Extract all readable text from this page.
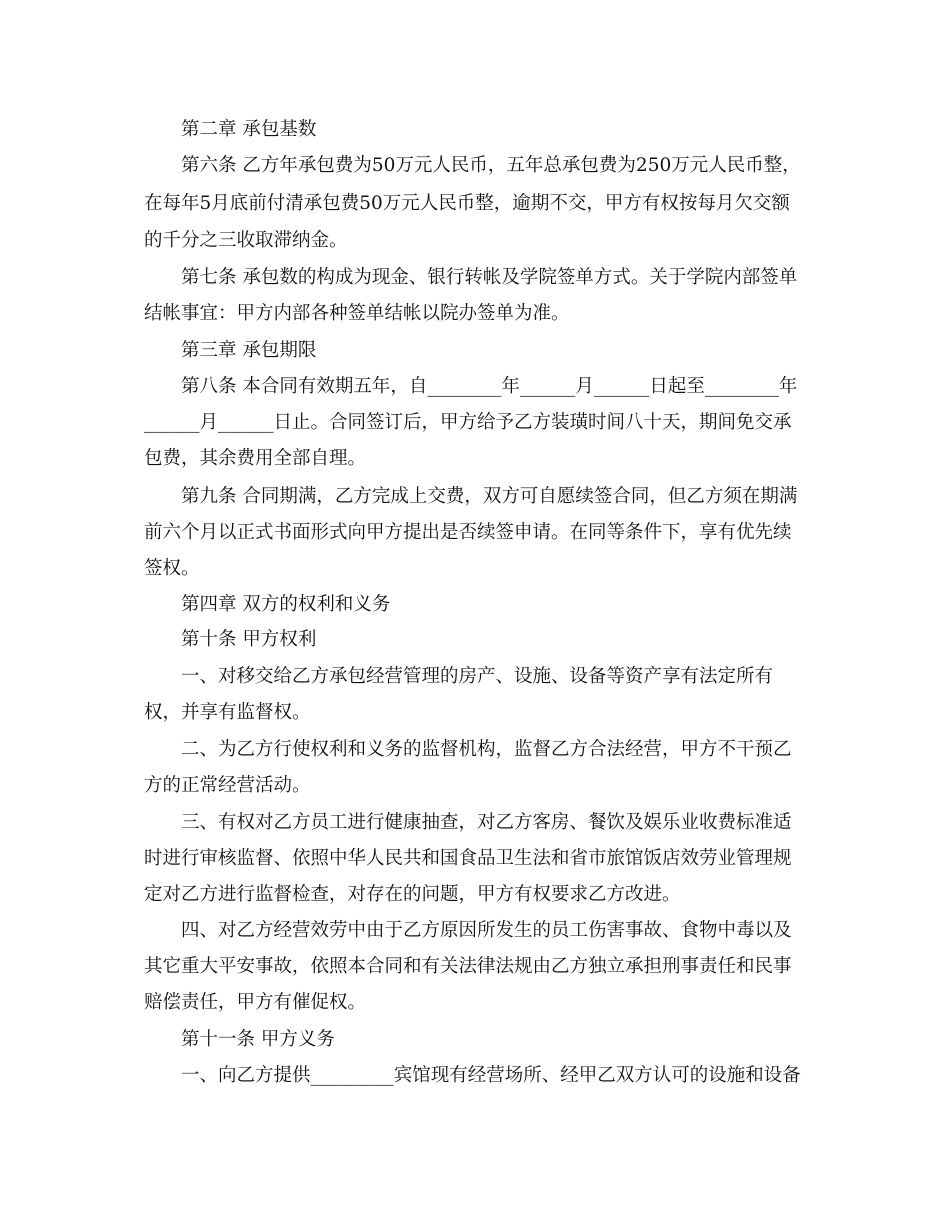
第二章 承包基数

第六条 乙方年承包费为50万元人民币，五年总承包费为250万元人民币整，

在每年5月底前付清承包费50万元人民币整，逾期不交，甲方有权按每月欠交额

的千分之三收取滞纳金。

第七条 承包数的构成为现金、银行转帐及学院签单方式。关于学院内部签单

结帐事宜：甲方内部各种签单结帐以院办签单为准。

第三章 承包期限

第八条 本合同有效期五年，自________年______月______日起至________年

______月______日止。合同签订后，甲方给予乙方装璜时间八十天，期间免交承

包费，其余费用全部自理。

第九条 合同期满，乙方完成上交费，双方可自愿续签合同，但乙方须在期满

前六个月以正式书面形式向甲方提出是否续签申请。在同等条件下，享有优先续

签权。

第四章 双方的权利和义务

第十条 甲方权利

一、对移交给乙方承包经营管理的房产、设施、设备等资产享有法定所有

权，并享有监督权。

二、为乙方行使权利和义务的监督机构，监督乙方合法经营，甲方不干预乙

方的正常经营活动。

三、有权对乙方员工进行健康抽查，对乙方客房、餐饮及娱乐业收费标准适

时进行审核监督、依照中华人民共和国食品卫生法和省市旅馆饭店效劳业管理规

定对乙方进行监督检查，对存在的问题，甲方有权要求乙方改进。

四、对乙方经营效劳中由于乙方原因所发生的员工伤害事故、食物中毒以及

其它重大平安事故，依照本合同和有关法律法规由乙方独立承担刑事责任和民事

赔偿责任，甲方有催促权。

第十一条 甲方义务

一、向乙方提供_________宾馆现有经营场所、经甲乙双方认可的设施和设备
